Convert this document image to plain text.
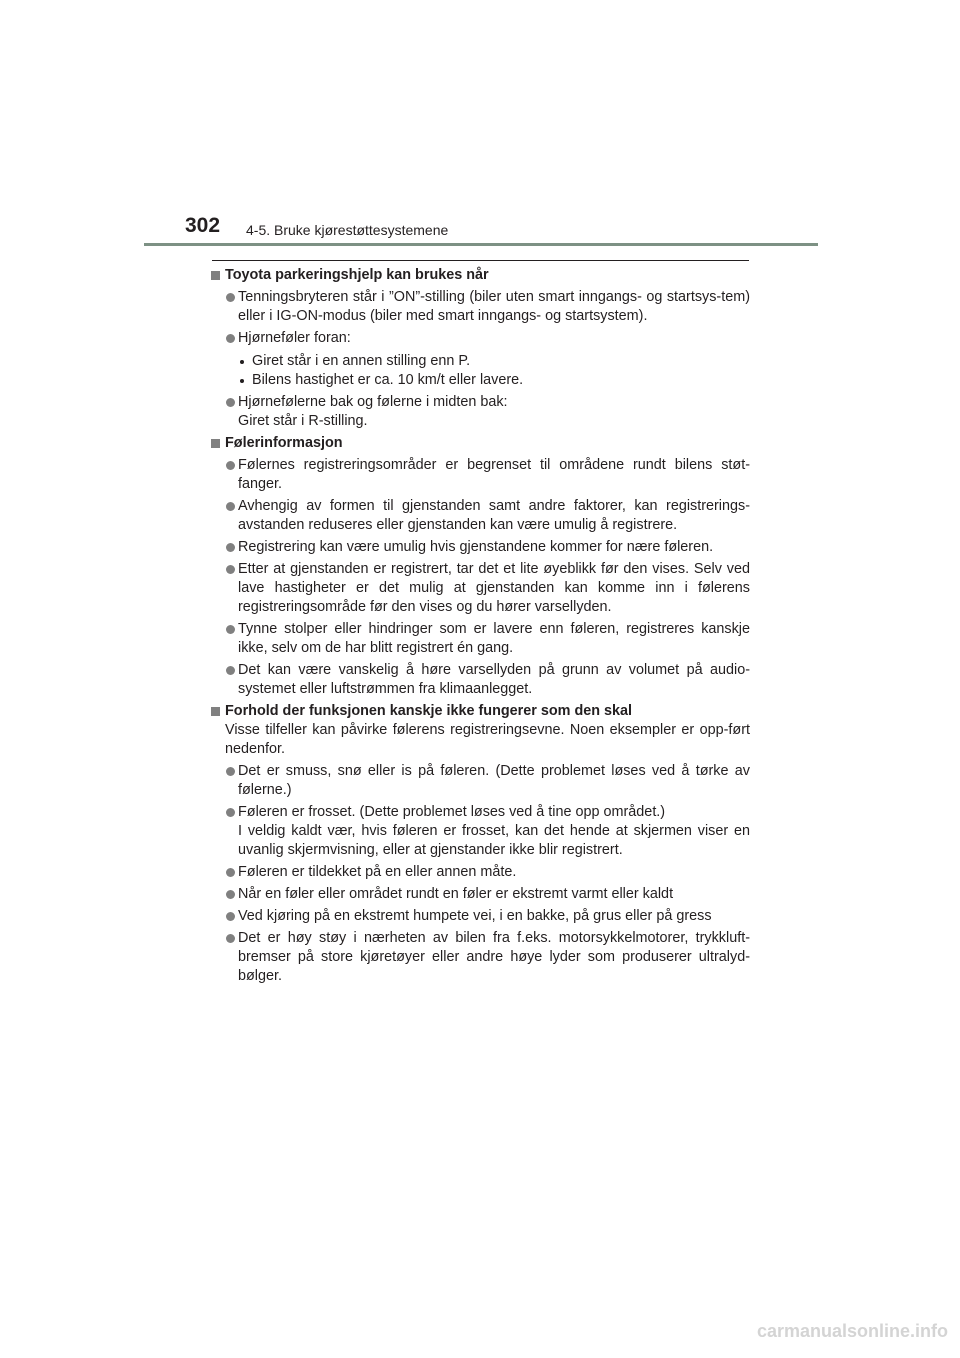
302 4-5. Bruke kjørestøttesystemene
Toyota parkeringshjelp kan brukes når
Tenningsbryteren står i ”ON”-stilling (biler uten smart inngangs- og startsys-tem) eller i IG-ON-modus (biler med smart inngangs- og startsystem).
Hjørneføler foran:
Giret står i en annen stilling enn P.
Bilens hastighet er ca. 10 km/t eller lavere.
Hjørnefølerne bak og følerne i midten bak:
Giret står i R-stilling.
Følerinformasjon
Følernes registreringsområder er begrenset til områdene rundt bilens støt-fanger.
Avhengig av formen til gjenstanden samt andre faktorer, kan registrerings-avstanden reduseres eller gjenstanden kan være umulig å registrere.
Registrering kan være umulig hvis gjenstandene kommer for nære føleren.
Etter at gjenstanden er registrert, tar det et lite øyeblikk før den vises. Selv ved lave hastigheter er det mulig at gjenstanden kan komme inn i følerens registreringsområde før den vises og du hører varsellyden.
Tynne stolper eller hindringer som er lavere enn føleren, registreres kanskje ikke, selv om de har blitt registrert én gang.
Det kan være vanskelig å høre varsellyden på grunn av volumet på audio-systemet eller luftstrømmen fra klimaanlegget.
Forhold der funksjonen kanskje ikke fungerer som den skal
Visse tilfeller kan påvirke følerens registreringsevne. Noen eksempler er opp-ført nedenfor.
Det er smuss, snø eller is på føleren. (Dette problemet løses ved å tørke av følerne.)
Føleren er frosset. (Dette problemet løses ved å tine opp området.)
I veldig kaldt vær, hvis føleren er frosset, kan det hende at skjermen viser en uvanlig skjermvisning, eller at gjenstander ikke blir registrert.
Føleren er tildekket på en eller annen måte.
Når en føler eller området rundt en føler er ekstremt varmt eller kaldt
Ved kjøring på en ekstremt humpete vei, i en bakke, på grus eller på gress
Det er høy støy i nærheten av bilen fra f.eks. motorsykkelmotorer, trykkluft-bremser på store kjøretøyer eller andre høye lyder som produserer ultralyd-bølger.
carmanualsonline.info
